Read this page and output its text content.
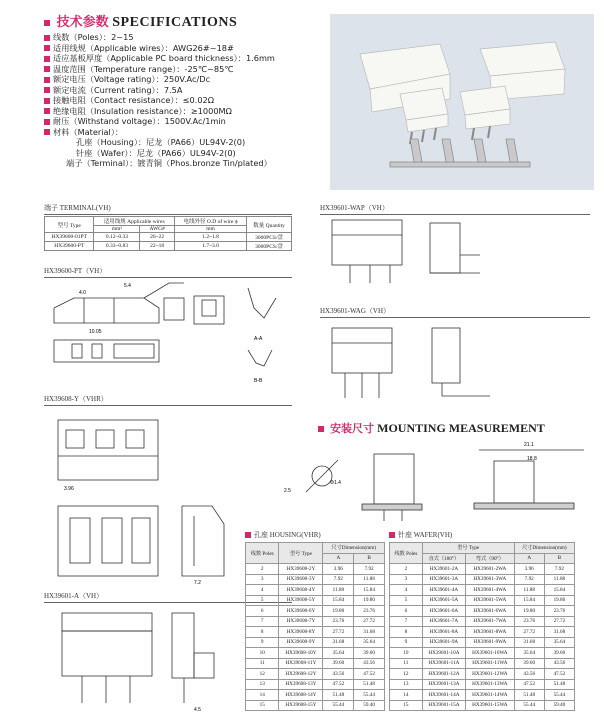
技术参数 SPECIFICATIONS
线数（Poles）：2~15
适用线规（Applicable wires）：AWG26#~18#
适应基板厚度（Applicable PC board thickness）：1.6mm
温度范围（Temperature range）：-25℃~85℃
额定电压（Voltage rating）：250V.Ac/Dc
额定电流（Current rating）：7.5A
接触电阻（Contact resistance）：≤0.02Ω
绝缘电阻（Insulation resistance）：≥1000MΩ
耐压（Withstand voltage）：1500V.Ac/1min
材料（Material）：
孔座（Housing）：尼龙（PA66）UL94V-2(0)
针座（Wafer）：尼龙（PA66）UL94V-2(0)
端子（Terminal）：镀青铜（Phos.bronze Tin/plated）
端子 TERMINAL(VH)
型号 Type	适用线规 Applicable wires		电线外径 O.D of wire ϕ	数量 Quantity
	mm²	AWG#	mm	
HX39600-01PT	0.12~0.33	26~22	1.2~1.8	3000PCS/盘
HX39600-PT	0.33~0.83	22~18	1.7~3.0	3000PCS/盘
HX39600-PT（VH）
5.4
4.0
10.05
A-A
B-B
HX39608-Y（VHR）
3.96
7.2
HX39601-A（VH）
4.5
HX39601-WAP（VH）
HX39601-WAG（VH）
安装尺寸 MOUNTING MEASUREMENT
2.5
Φ1.4
21.1
18.8
孔座 HOUSING(VHR)
线数 Poles	型号 Type	尺寸Dimension(mm)	
		A	B
2	HX39608-2Y	3.96	7.92
3	HX39608-3Y	7.92	11.88
4	HX39608-4Y	11.88	15.84
5	HX39608-5Y	15.84	19.80
6	HX39608-6Y	19.80	23.76
7	HX39608-7Y	23.76	27.72
8	HX39608-8Y	27.72	31.68
9	HX39608-9Y	31.68	35.64
10	HX39608-10Y	35.64	39.60
11	HX39608-11Y	39.60	43.56
12	HX39608-12Y	43.56	47.52
13	HX39608-13Y	47.52	51.48
14	HX39608-14Y	51.48	55.44
15	HX39608-15Y	55.44	59.40
针座 WAFER(VH)
线数 Poles	型号 Type		尺寸Dimension(mm)	
	直式（180°）	弯式（90°）	A	B
2	HX39601-2A	HX39601-2WA	3.96	7.92
3	HX39601-3A	HX39601-3WA	7.92	11.88
4	HX39601-4A	HX39601-4WA	11.88	15.84
5	HX39601-5A	HX39601-5WA	15.84	19.80
6	HX39601-6A	HX39601-6WA	19.80	23.76
7	HX39601-7A	HX39601-7WA	23.76	27.72
8	HX39601-8A	HX39601-8WA	27.72	31.68
9	HX39601-9A	HX39601-9WA	31.68	35.64
10	HX39601-10A	HX39601-10WA	35.64	39.60
11	HX39601-11A	HX39601-11WA	39.60	43.56
12	HX39601-12A	HX39601-12WA	43.56	47.52
13	HX39601-13A	HX39601-13WA	47.52	51.48
14	HX39601-14A	HX39601-14WA	51.48	55.44
15	HX39601-15A	HX39601-15WA	55.44	59.40
